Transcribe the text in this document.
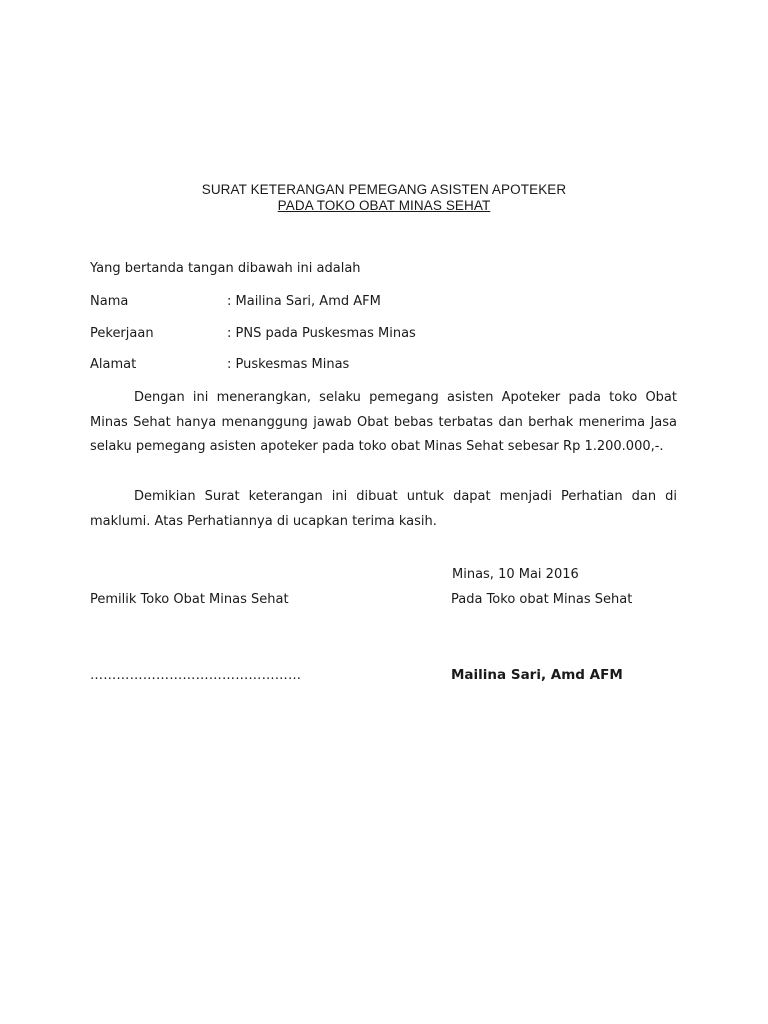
SURAT KETERANGAN PEMEGANG ASISTEN APOTEKER
PADA TOKO OBAT MINAS SEHAT
Yang bertanda tangan dibawah ini adalah
Nama	: Mailina Sari, Amd AFM
Pekerjaan	: PNS pada Puskesmas Minas
Alamat	: Puskesmas Minas

Dengan ini menerangkan, selaku pemegang asisten Apoteker pada toko Obat Minas Sehat hanya menanggung jawab Obat bebas terbatas dan berhak menerima Jasa selaku pemegang asisten apoteker pada toko obat Minas Sehat sebesar Rp 1.200.000,-.

Demikian Surat keterangan ini dibuat untuk dapat menjadi Perhatian dan di maklumi. Atas Perhatiannya di ucapkan terima kasih.

Minas, 10 Mai 2016
Pemilik Toko Obat Minas Sehat	Pada Toko obat Minas Sehat
…………………………………………	Mailina Sari, Amd AFM
